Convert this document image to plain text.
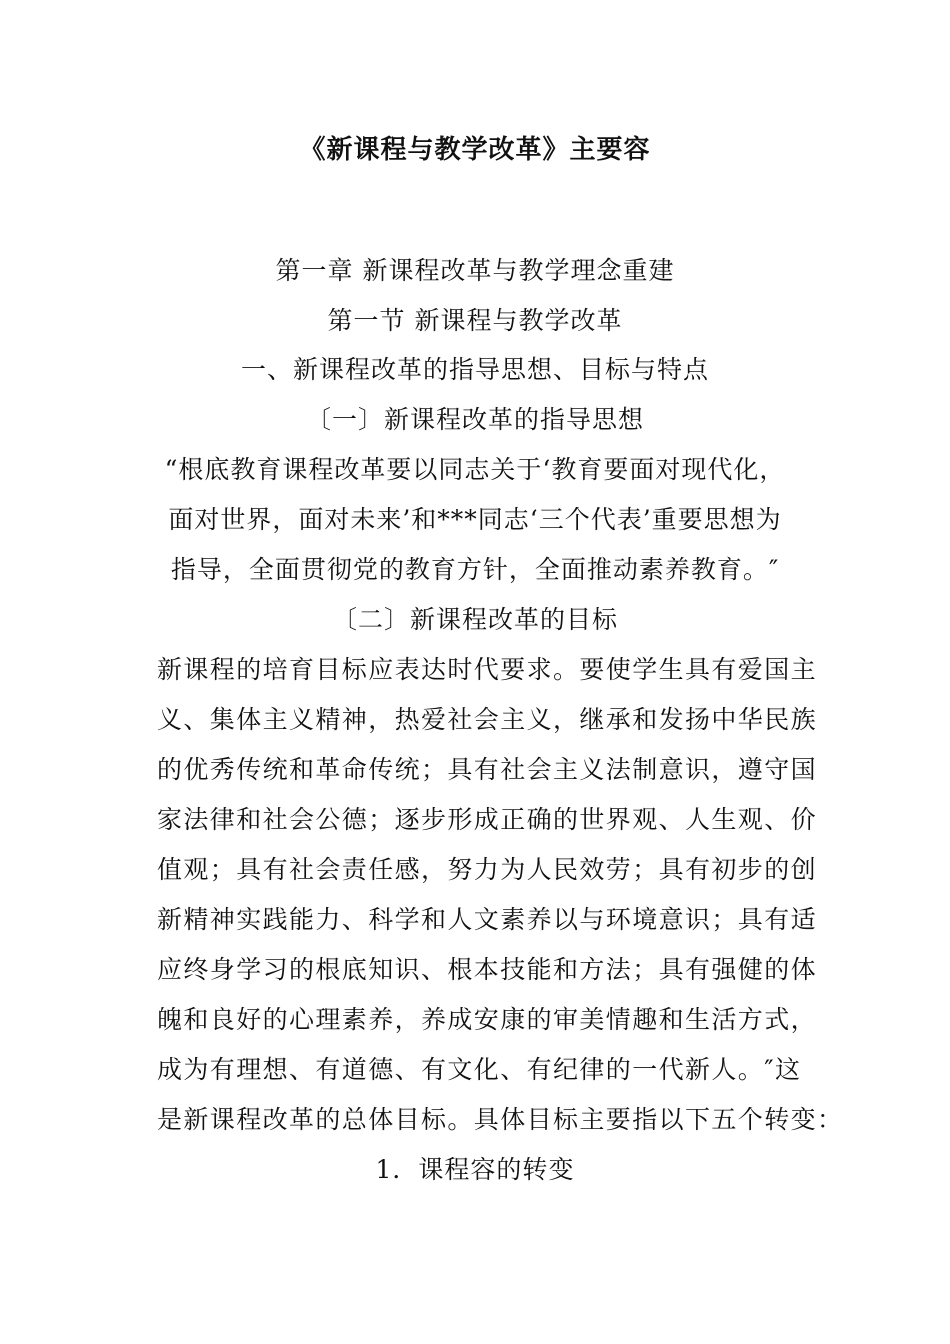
《新课程与教学改革》主要容
第一章 新课程改革与教学理念重建
第一节 新课程与教学改革
一、新课程改革的指导思想、目标与特点
〔一〕新课程改革的指导思想
“根底教育课程改革要以同志关于‘教育要面对现代化，
面对世界，面对未来’和***同志‘三个代表’重要思想为
指导，全面贯彻党的教育方针，全面推动素养教育。″
〔二〕新课程改革的目标
新课程的培育目标应表达时代要求。要使学生具有爱国主
义、集体主义精神，热爱社会主义，继承和发扬中华民族
的优秀传统和革命传统；具有社会主义法制意识，遵守国
家法律和社会公德；逐步形成正确的世界观、人生观、价
值观；具有社会责任感，努力为人民效劳；具有初步的创
新精神实践能力、科学和人文素养以与环境意识；具有适
应终身学习的根底知识、根本技能和方法；具有强健的体
魄和良好的心理素养，养成安康的审美情趣和生活方式，
成为有理想、有道德、有文化、有纪律的一代新人。″这
是新课程改革的总体目标。具体目标主要指以下五个转变：
1．课程容的转变
